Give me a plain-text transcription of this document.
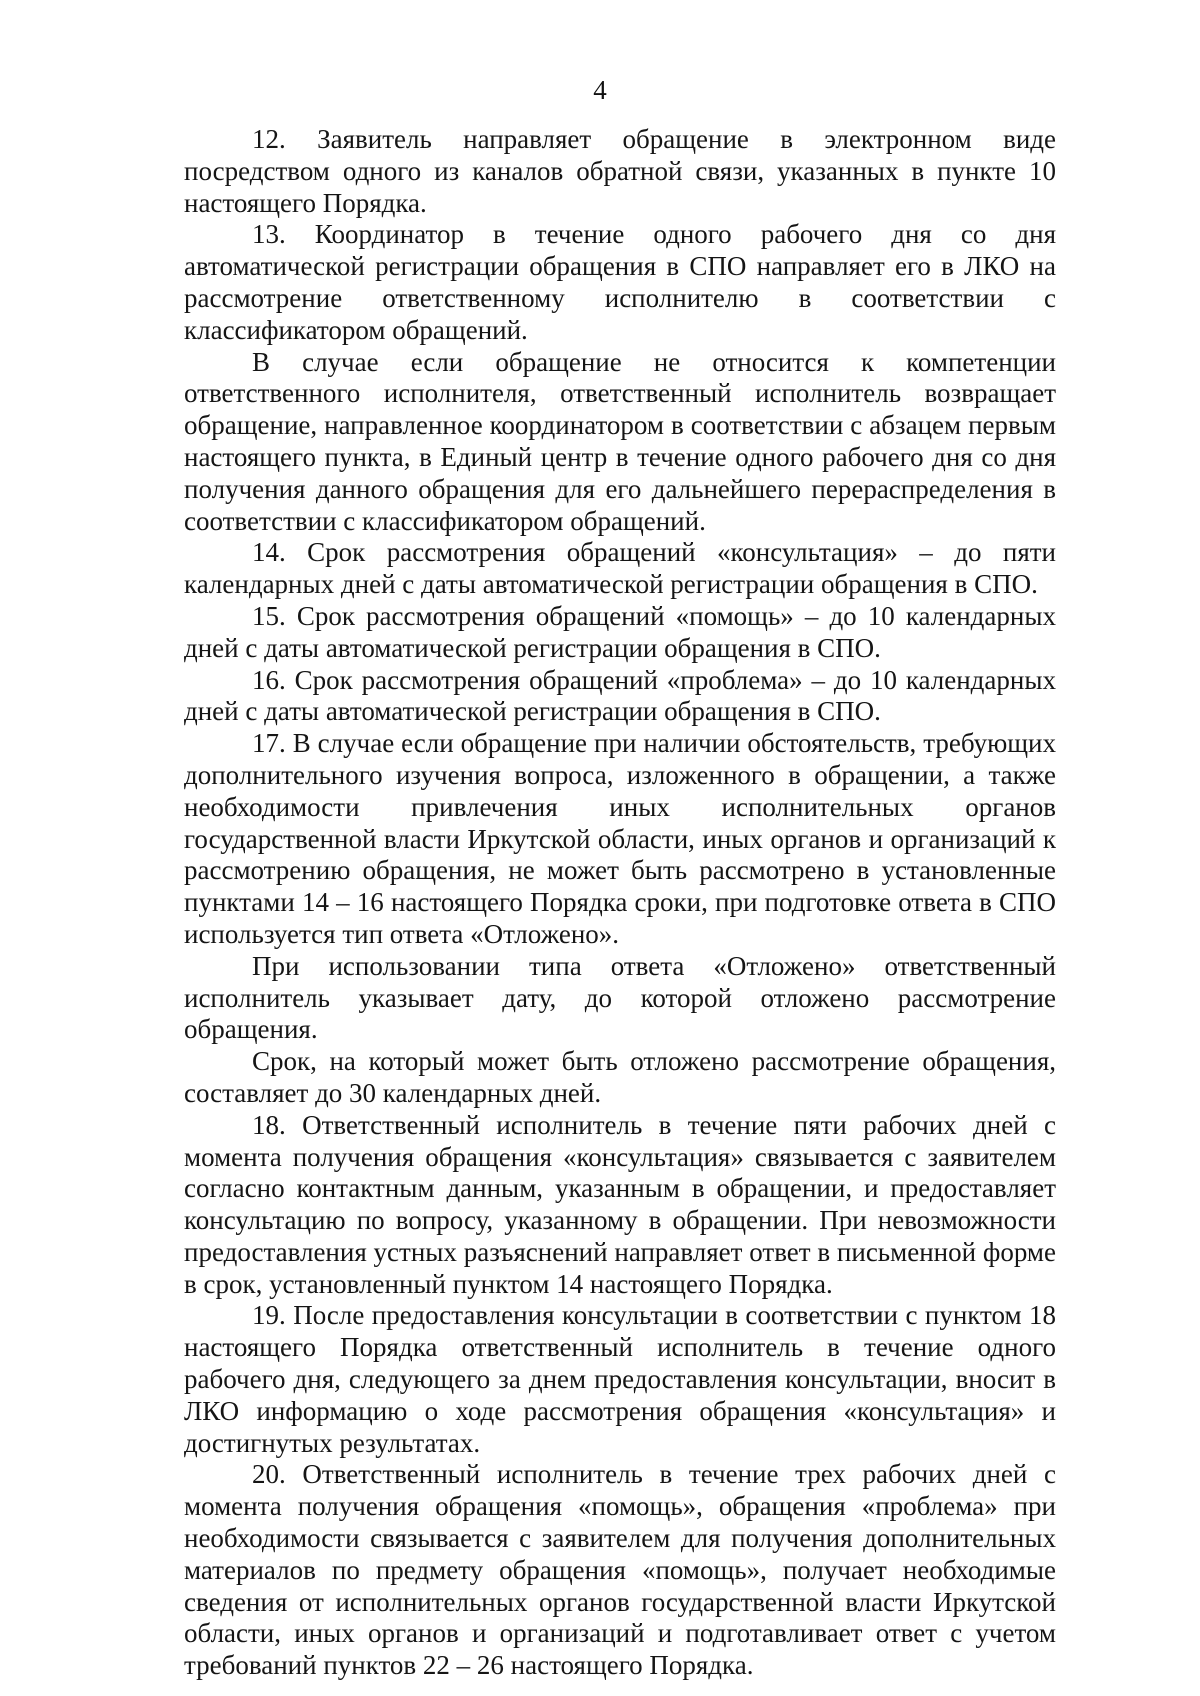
4

12. Заявитель направляет обращение в электронном виде посредством одного из каналов обратной связи, указанных в пункте 10 настоящего Порядка.

13. Координатор в течение одного рабочего дня со дня автоматической регистрации обращения в СПО направляет его в ЛКО на рассмотрение ответственному исполнителю в соответствии с классификатором обращений.

В случае если обращение не относится к компетенции ответственного исполнителя, ответственный исполнитель возвращает обращение, направленное координатором в соответствии с абзацем первым настоящего пункта, в Единый центр в течение одного рабочего дня со дня получения данного обращения для его дальнейшего перераспределения в соответствии с классификатором обращений.

14. Срок рассмотрения обращений «консультация» – до пяти календарных дней с даты автоматической регистрации обращения в СПО.

15. Срок рассмотрения обращений «помощь» – до 10 календарных дней с даты автоматической регистрации обращения в СПО.

16. Срок рассмотрения обращений «проблема» – до 10 календарных дней с даты автоматической регистрации обращения в СПО.

17. В случае если обращение при наличии обстоятельств, требующих дополнительного изучения вопроса, изложенного в обращении, а также необходимости привлечения иных исполнительных органов государственной власти Иркутской области, иных органов и организаций к рассмотрению обращения, не может быть рассмотрено в установленные пунктами 14 – 16 настоящего Порядка сроки, при подготовке ответа в СПО используется тип ответа «Отложено».

При использовании типа ответа «Отложено» ответственный исполнитель указывает дату, до которой отложено рассмотрение обращения.

Срок, на который может быть отложено рассмотрение обращения, составляет до 30 календарных дней.

18. Ответственный исполнитель в течение пяти рабочих дней с момента получения обращения «консультация» связывается с заявителем согласно контактным данным, указанным в обращении, и предоставляет консультацию по вопросу, указанному в обращении. При невозможности предоставления устных разъяснений направляет ответ в письменной форме в срок, установленный пунктом 14 настоящего Порядка.

19. После предоставления консультации в соответствии с пунктом 18 настоящего Порядка ответственный исполнитель в течение одного рабочего дня, следующего за днем предоставления консультации, вносит в ЛКО информацию о ходе рассмотрения обращения «консультация» и достигнутых результатах.

20. Ответственный исполнитель в течение трех рабочих дней с момента получения обращения «помощь», обращения «проблема» при необходимости связывается с заявителем для получения дополнительных материалов по предмету обращения «помощь», получает необходимые сведения от исполнительных органов государственной власти Иркутской области, иных органов и организаций и подготавливает ответ с учетом требований пунктов 22 – 26 настоящего Порядка.
